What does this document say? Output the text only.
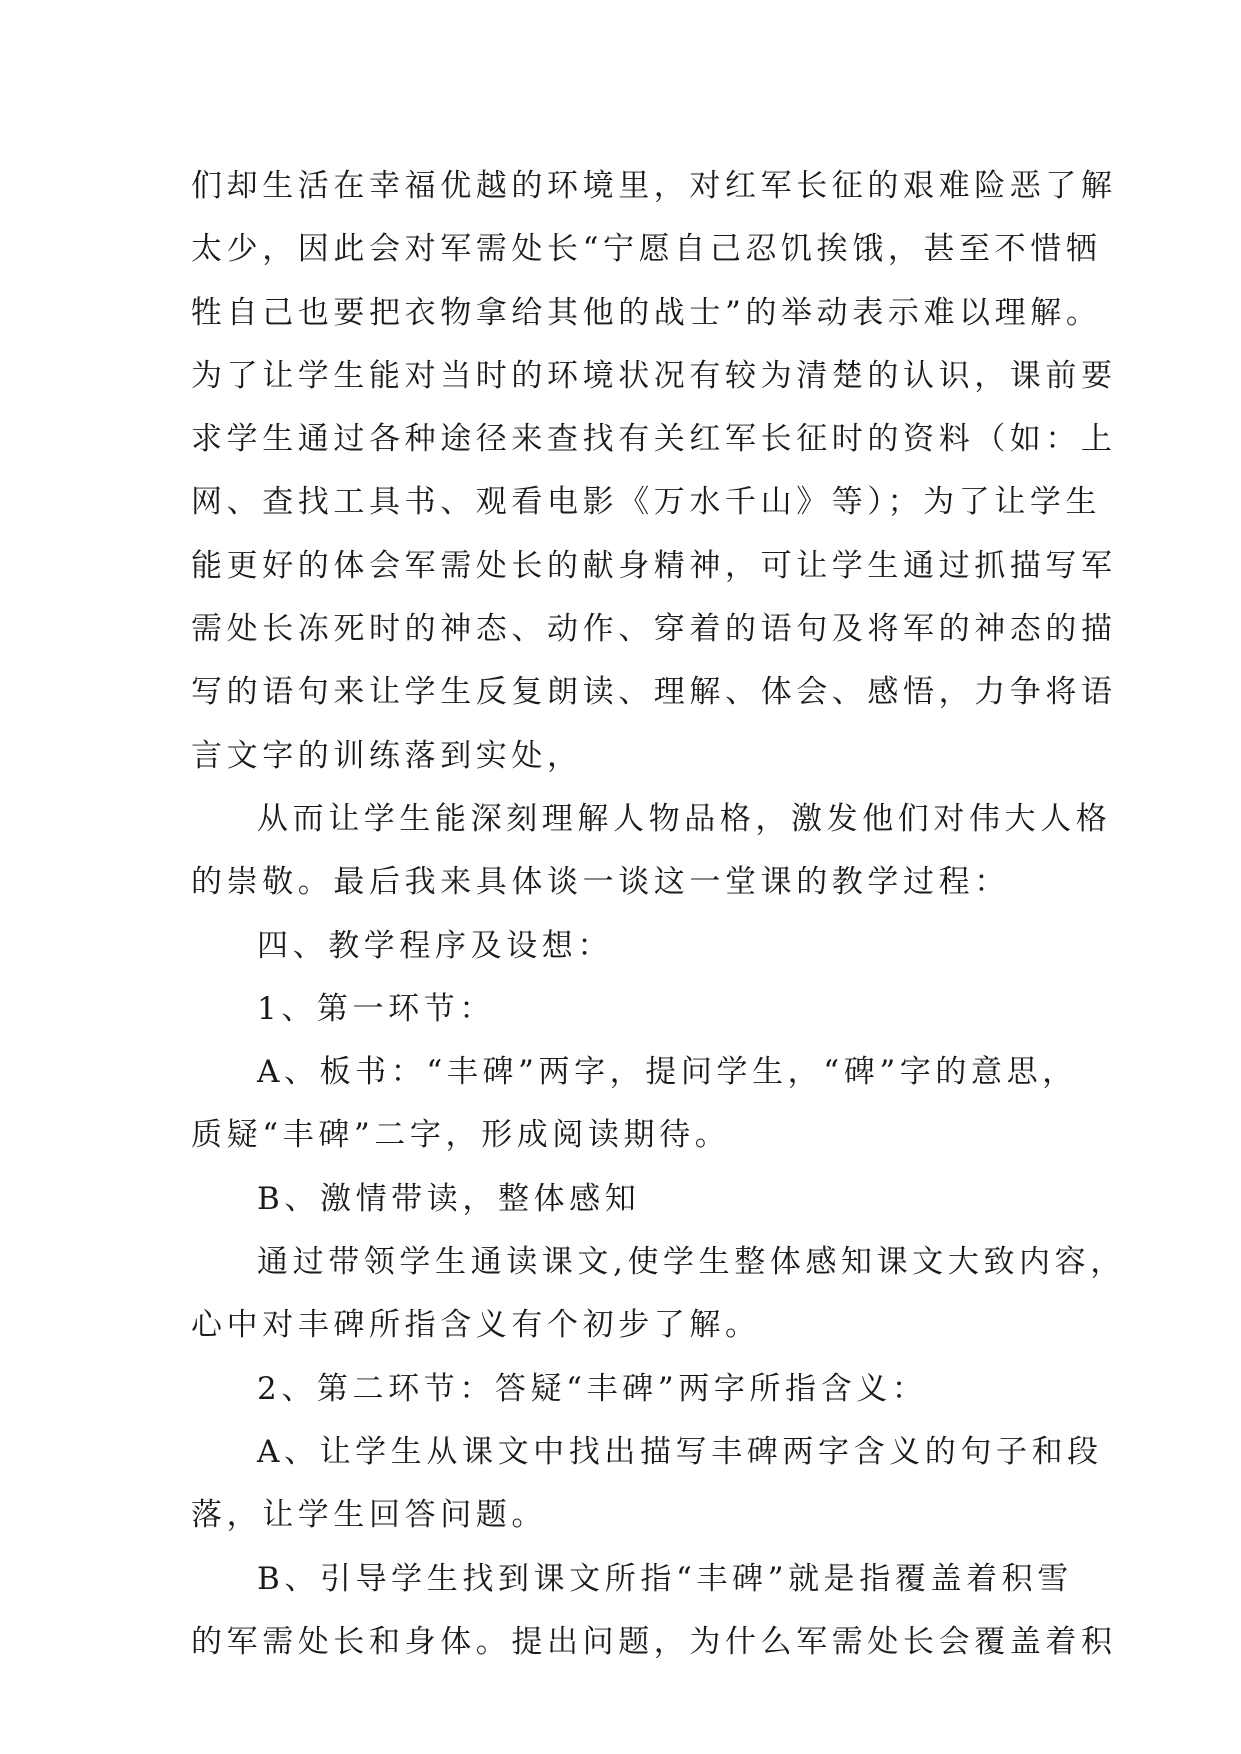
们却生活在幸福优越的环境里，对红军长征的艰难险恶了解

太少，因此会对军需处长“宁愿自己忍饥挨饿，甚至不惜牺

牲自己也要把衣物拿给其他的战士”的举动表示难以理解。

为了让学生能对当时的环境状况有较为清楚的认识，课前要

求学生通过各种途径来查找有关红军长征时的资料（如：上

网、查找工具书、观看电影《万水千山》等）；为了让学生

能更好的体会军需处长的献身精神，可让学生通过抓描写军

需处长冻死时的神态、动作、穿着的语句及将军的神态的描

写的语句来让学生反复朗读、理解、体会、感悟，力争将语

言文字的训练落到实处，

从而让学生能深刻理解人物品格，激发他们对伟大人格

的崇敬。最后我来具体谈一谈这一堂课的教学过程：

四、教学程序及设想：

1、第一环节：

A、板书：“丰碑”两字，提问学生，“碑”字的意思，

质疑“丰碑”二字，形成阅读期待。

B、激情带读，整体感知

通过带领学生通读课文,使学生整体感知课文大致内容，

心中对丰碑所指含义有个初步了解。

2、第二环节：答疑“丰碑”两字所指含义：

A、让学生从课文中找出描写丰碑两字含义的句子和段

落，让学生回答问题。

B、引导学生找到课文所指“丰碑”就是指覆盖着积雪

的军需处长和身体。提出问题，为什么军需处长会覆盖着积
